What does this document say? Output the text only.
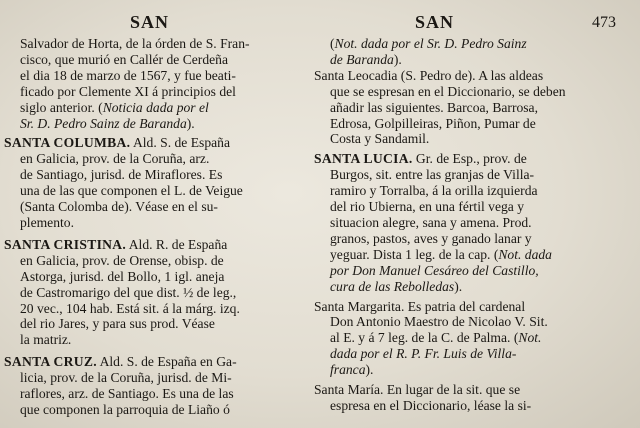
SAN	SAN	473
Salvador de Horta, de la órden de S. Fran-
cisco, que murió en Callér de Cerdeña
el dia 18 de marzo de 1567, y fue beati-
ficado por Clemente XI á principios del
siglo anterior. (Noticia dada por el
Sr. D. Pedro Sainz de Baranda).
SANTA COLUMBA. Ald. S. de España
en Galicia, prov. de la Coruña, arz.
de Santiago, jurisd. de Miraflores. Es
una de las que componen el L. de Veigue
(Santa Colomba de). Véase en el su-
plemento.
SANTA CRISTINA. Ald. R. de España
en Galicia, prov. de Orense, obisp. de
Astorga, jurisd. del Bollo, 1 igl. aneja
de Castromarigo del que dist. ½ de leg.,
20 vec., 104 hab. Está sit. á la márg. izq.
del rio Jares, y para sus prod. Véase
la matriz.
SANTA CRUZ. Ald. S. de España en Ga-
licia, prov. de la Coruña, jurisd. de Mi-
raflores, arz. de Santiago. Es una de las
que componen la parroquia de Liaño ó
(Not. dada por el Sr. D. Pedro Sainz
de Baranda).
Santa Leocadia (S. Pedro de). A las aldeas
que se espresan en el Diccionario, se deben
añadir las siguientes. Barcoa, Barrosa,
Edrosa, Golpilleiras, Piñon, Pumar de
Costa y Sandamil.
SANTA LUCIA. Gr. de Esp., prov. de
Burgos, sit. entre las granjas de Villa-
ramiro y Torralba, á la orilla izquierda
del rio Ubierna, en una fértil vega y
situacion alegre, sana y amena. Prod.
granos, pastos, aves y ganado lanar y
yeguar. Dista 1 leg. de la cap. (Not. dada
por Don Manuel Cesáreo del Castillo,
cura de las Rebolledas).
Santa Margarita. Es patria del cardenal
Don Antonio Maestro de Nicolao V. Sit.
al E. y á 7 leg. de la C. de Palma. (Not.
dada por el R. P. Fr. Luis de Villa-
franca).
Santa María. En lugar de la sit. que se
espresa en el Diccionario, léase la si-
